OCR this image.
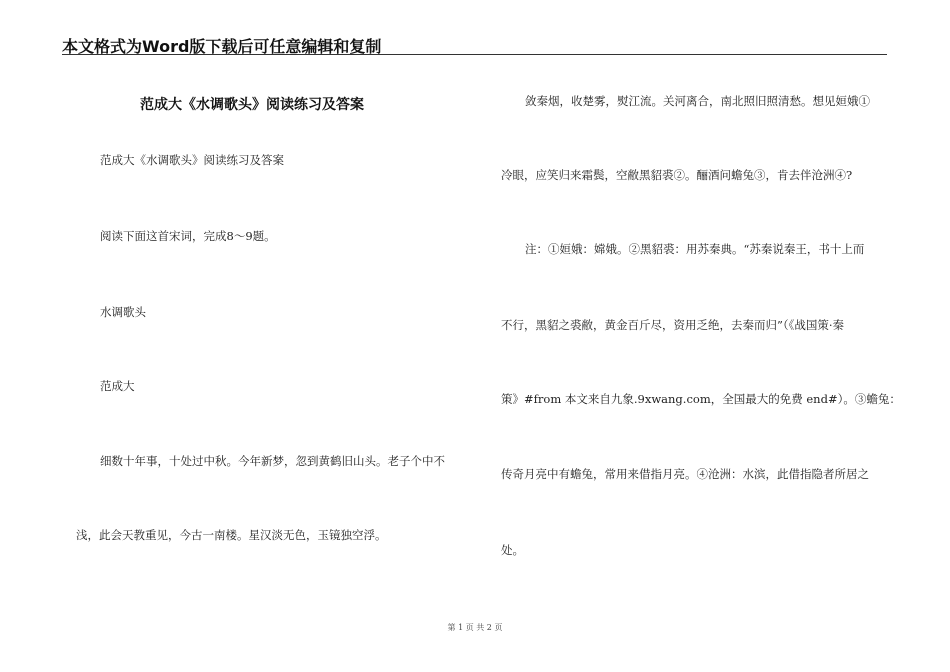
本文格式为Word版下载后可任意编辑和复制
范成大《水调歌头》阅读练习及答案
范成大《水调歌头》阅读练习及答案
阅读下面这首宋词，完成8～9题。
水调歌头
范成大
细数十年事，十处过中秋。今年新梦，忽到黄鹤旧山头。老子个中不
浅，此会天教重见，今古一南楼。星汉淡无色，玉镜独空浮。
敛秦烟，收楚雾，熨江流。关河离合，南北照旧照清愁。想见姮娥①
冷眼，应笑归来霜鬓，空敝黑貂裘②。酾酒问蟾兔③，肯去伴沧洲④?
注：①姮娥：嫦娥。②黑貂裘：用苏秦典。“苏秦说秦王，书十上而
不行，黑貂之裘敝，黄金百斤尽，资用乏绝，去秦而归”（《战国策·秦
策》#from 本文来自九象.9xwang.com，全国最大的免费 end#）。③蟾兔：
传奇月亮中有蟾兔，常用来借指月亮。④沧洲：水滨，此借指隐者所居之
处。
第 1 页 共 2 页
